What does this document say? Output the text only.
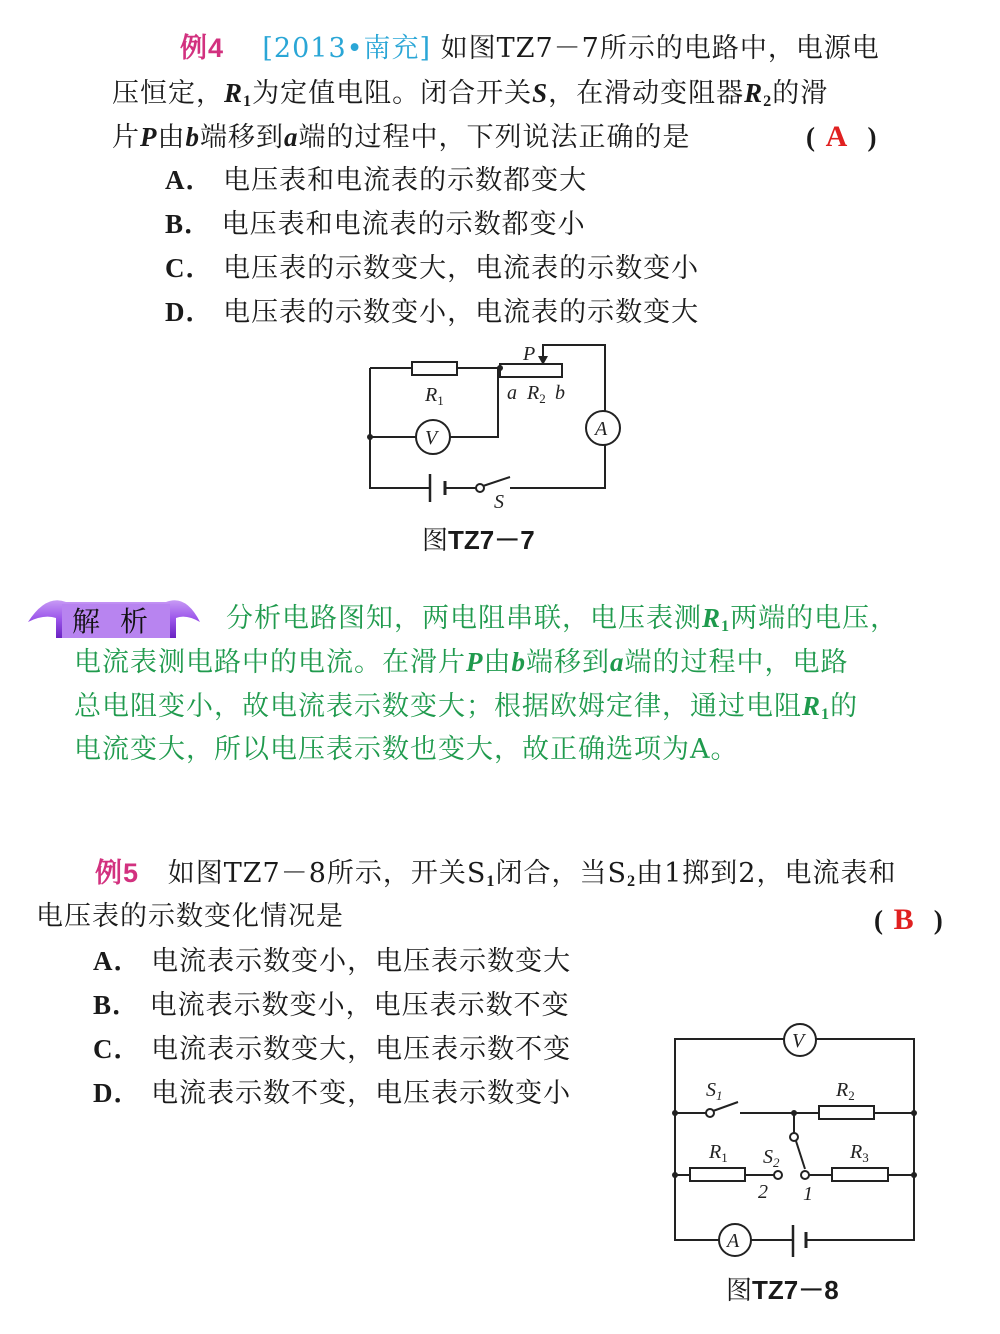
例4 [2013•南充] 如图TZ7－7所示的电路中，电源电
压恒定，$R_1$为定值电阻。闭合开关S，在滑动变阻器$R_2$的滑
片P由b端移到a端的过程中，下列说法正确的是	( A )
A． 电压表和电流表的示数都变大
B． 电压表和电流表的示数都变小
C． 电压表的示数变大，电流表的示数变小
D． 电压表的示数变小，电流表的示数变大
$R_1$	a $R_2$ b
P
V	A
S
图TZ7－7
解析 分析电路图知，两电阻串联，电压表测$R_1$两端的电压，
电流表测电路中的电流。在滑片P由b端移到a端的过程中，电路
总电阻变小，故电流表示数变大；根据欧姆定律，通过电阻$R_1$的
电流变大，所以电压表示数也变大，故正确选项为A。
例5 如图TZ7－8所示，开关$S_1$闭合，当$S_2$由1掷到2，电流表和
电压表的示数变化情况是	( B )
A． 电流表示数变小，电压表示数变大
B． 电流表示数变小，电压表示数不变
C． 电流表示数变大，电压表示数不变
D． 电流表示数不变，电压表示数变小
V
A
$S_1$	$R_2$
$R_1$ $S_2$	$R_3$
2 1
图TZ7－8
